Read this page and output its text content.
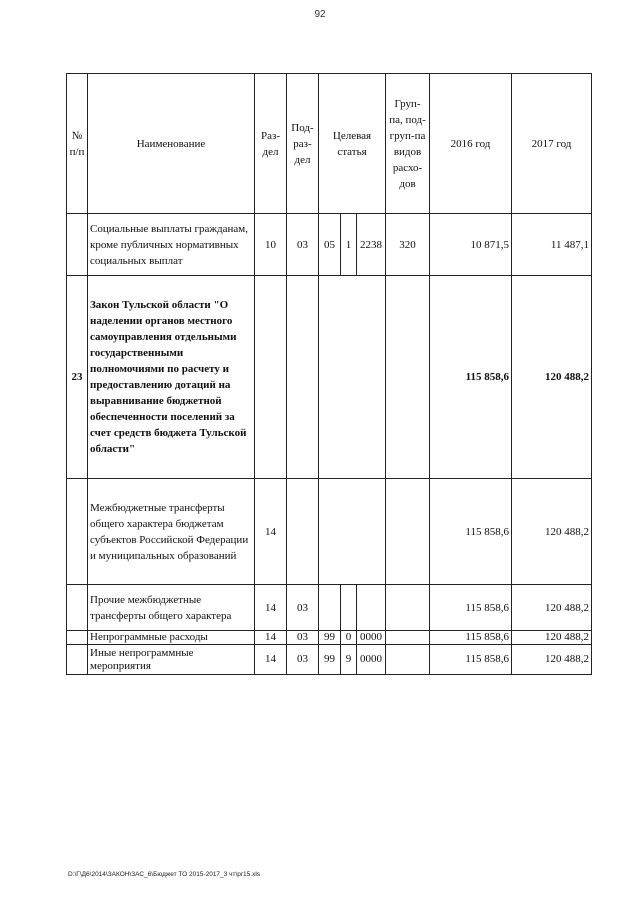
92
№ п/п	Наименование	Раз-дел	Под-раз-дел	Целевая статья			Груп-па, под-груп-па видов расхо-дов	2016 год	2017 год
	Социальные выплаты гражданам, кроме публичных нормативных социальных выплат	10	03	05	1	2238	320	10 871,5	11 487,1
23	Закон Тульской области "О наделении органов местного самоуправления отдельными государственными полномочиями по расчету и предоставлению дотаций на выравнивание бюджетной обеспеченности поселений за счет средств бюджета Тульской области"							115 858,6	120 488,2
	Межбюджетные трансферты общего характера бюджетам субъектов Российской Федерации и муниципальных образований	14						115 858,6	120 488,2
	Прочие межбюджетные трансферты общего характера	14	03					115 858,6	120 488,2
	Непрограммные расходы	14	03	99	0	0000		115 858,6	120 488,2
	Иные непрограммные мероприятия	14	03	99	9	0000		115 858,6	120 488,2
D:\Г\Д6\2014\ЗАКОН\ЗАС_6\Бюджет ТО 2015-2017_3 чт\pr15.xls
